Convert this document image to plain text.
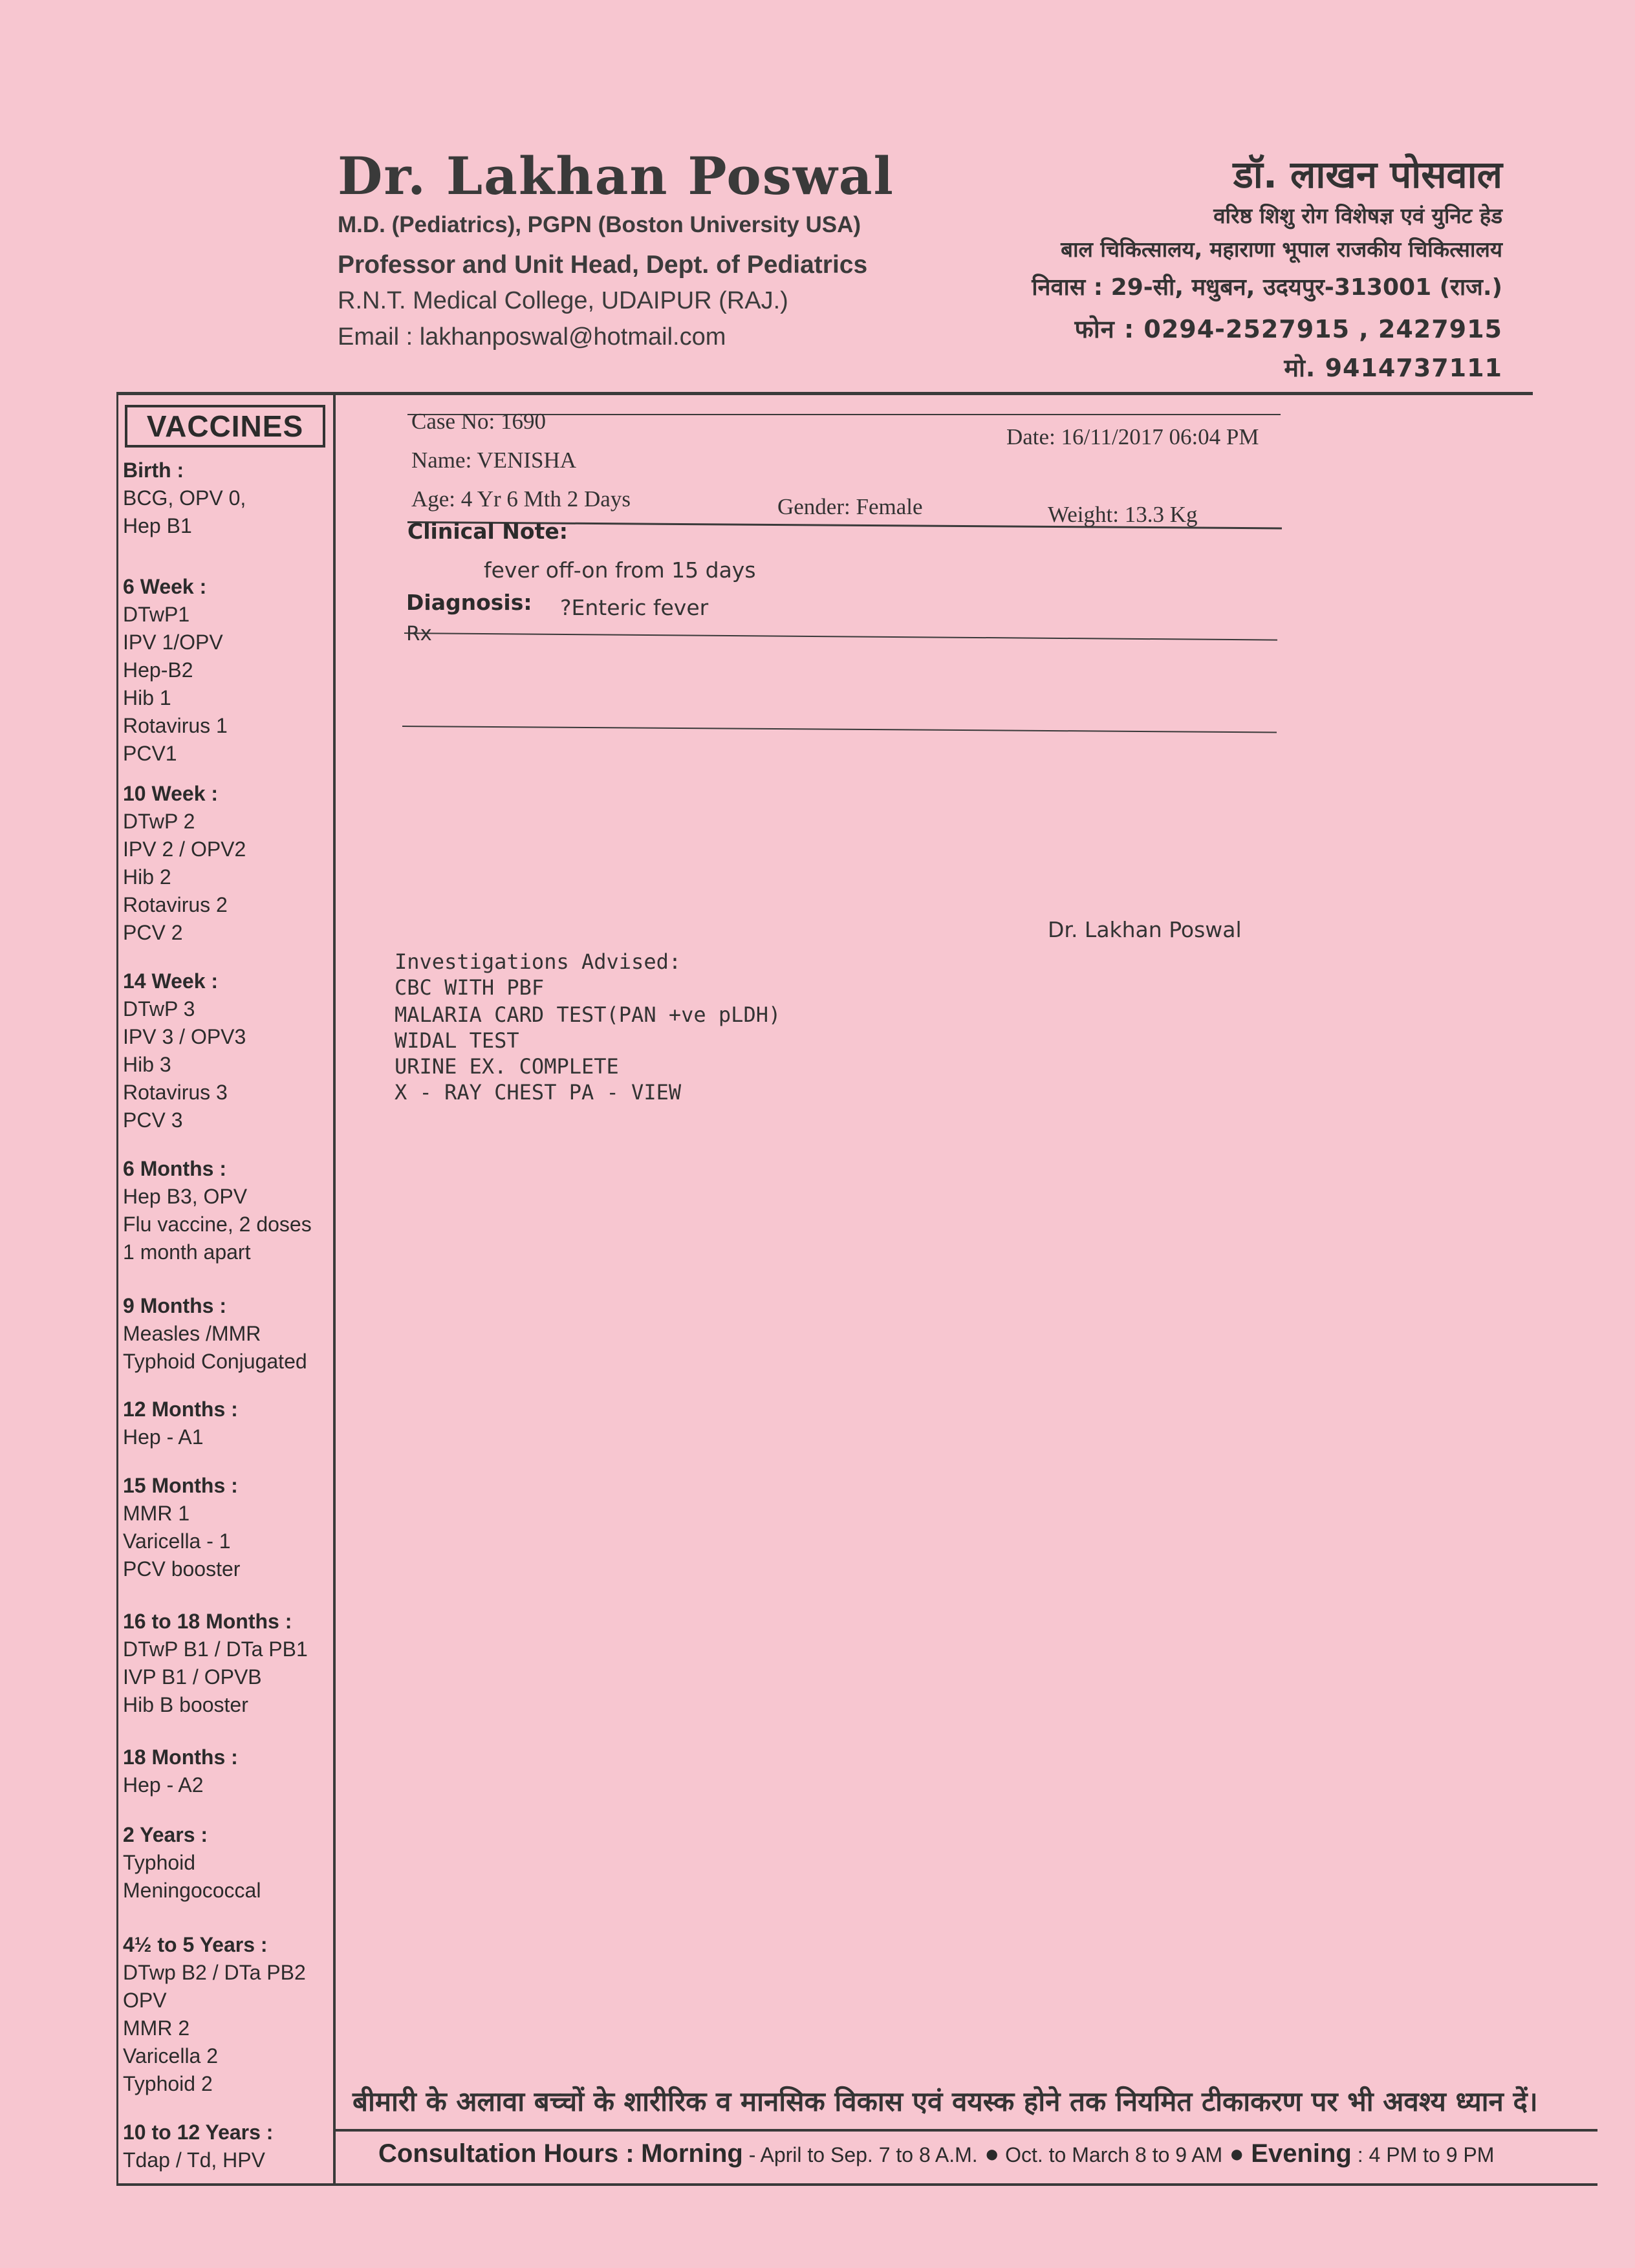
Dr. Lakhan Poswal
M.D. (Pediatrics), PGPN (Boston University USA)
Professor and Unit Head, Dept. of Pediatrics
R.N.T. Medical College, UDAIPUR (RAJ.)
Email : lakhanposwal@hotmail.com
डॉ. लाखन पोसवाल
वरिष्ठ शिशु रोग विशेषज्ञ एवं युनिट हेड
बाल चिकित्सालय, महाराणा भूपाल राजकीय चिकित्सालय
निवास : 29-सी, मधुबन, उदयपुर-313001 (राज.)
फोन : 0294-2527915 , 2427915
मो. 9414737111
VACCINES
Birth :
BCG, OPV 0,
Hep B1
6 Week :
DTwP1
IPV 1/OPV
Hep-B2
Hib 1
Rotavirus 1
PCV1
10 Week :
DTwP 2
IPV 2 / OPV2
Hib 2
Rotavirus 2
PCV 2
14 Week :
DTwP 3
IPV 3 / OPV3
Hib 3
Rotavirus 3
PCV 3
6 Months :
Hep B3, OPV
Flu vaccine, 2 doses
1 month apart
9 Months :
Measles /MMR
Typhoid Conjugated
12 Months :
Hep - A1
15 Months :
MMR 1
Varicella - 1
PCV booster
16 to 18 Months :
DTwP B1 / DTa PB1
IVP B1 / OPVB
Hib B booster
18 Months :
Hep - A2
2 Years :
Typhoid
Meningococcal
4½ to 5 Years :
DTwp B2 / DTa PB2
OPV
MMR 2
Varicella 2
Typhoid 2
10 to 12 Years :
Tdap / Td, HPV
Case No: 1690
Date: 16/11/2017 06:04 PM
Name: VENISHA
Age: 4 Yr 6 Mth 2 Days	Gender: Female	Weight: 13.3 Kg
Clinical Note:
fever off-on from 15 days
Diagnosis: ?Enteric fever
Rx
Dr. Lakhan Poswal
Investigations Advised:
CBC WITH PBF
MALARIA CARD TEST(PAN +ve pLDH)
WIDAL TEST
URINE EX. COMPLETE
X - RAY CHEST PA - VIEW
बीमारी के अलावा बच्चों के शारीरिक व मानसिक विकास एवं वयस्क होने तक नियमित टीकाकरण पर भी अवश्य ध्यान दें।
Consultation Hours : Morning - April to Sep. 7 to 8 A.M. ● Oct. to March 8 to 9 AM ● Evening : 4 PM to 9 PM
